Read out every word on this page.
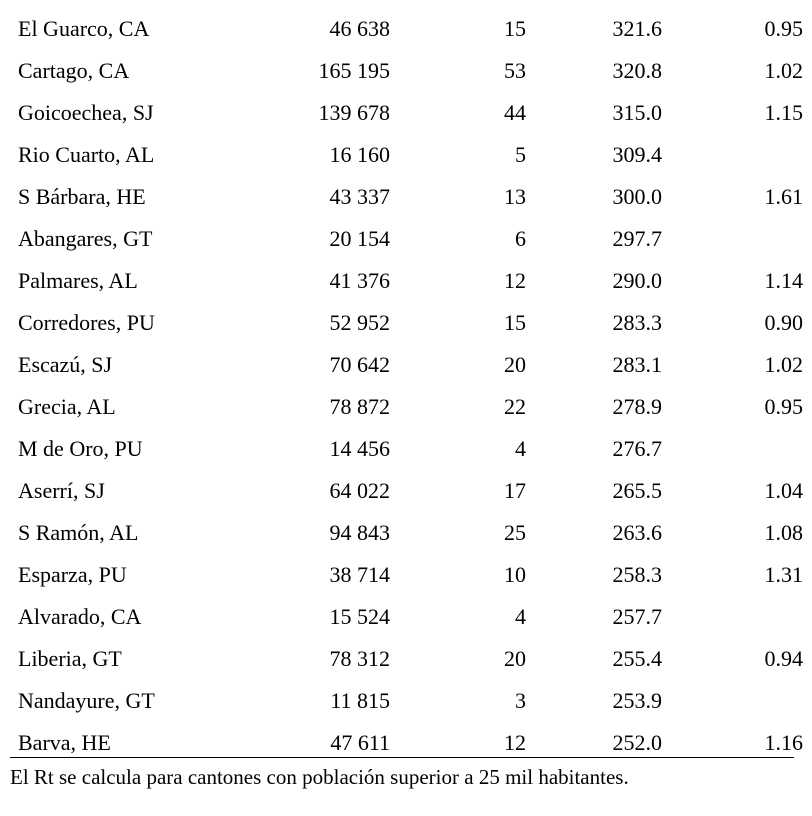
El Guarco, CA	46 638	15	321.6	0.95
Cartago, CA	165 195	53	320.8	1.02
Goicoechea, SJ	139 678	44	315.0	1.15
Rio Cuarto, AL	16 160	5	309.4	
S Bárbara, HE	43 337	13	300.0	1.61
Abangares, GT	20 154	6	297.7	
Palmares, AL	41 376	12	290.0	1.14
Corredores, PU	52 952	15	283.3	0.90
Escazú, SJ	70 642	20	283.1	1.02
Grecia, AL	78 872	22	278.9	0.95
M de Oro, PU	14 456	4	276.7	
Aserrí, SJ	64 022	17	265.5	1.04
S Ramón, AL	94 843	25	263.6	1.08
Esparza, PU	38 714	10	258.3	1.31
Alvarado, CA	15 524	4	257.7	
Liberia, GT	78 312	20	255.4	0.94
Nandayure, GT	11 815	3	253.9	
Barva, HE	47 611	12	252.0	1.16
El Rt se calcula para cantones con población superior a 25 mil habitantes.
